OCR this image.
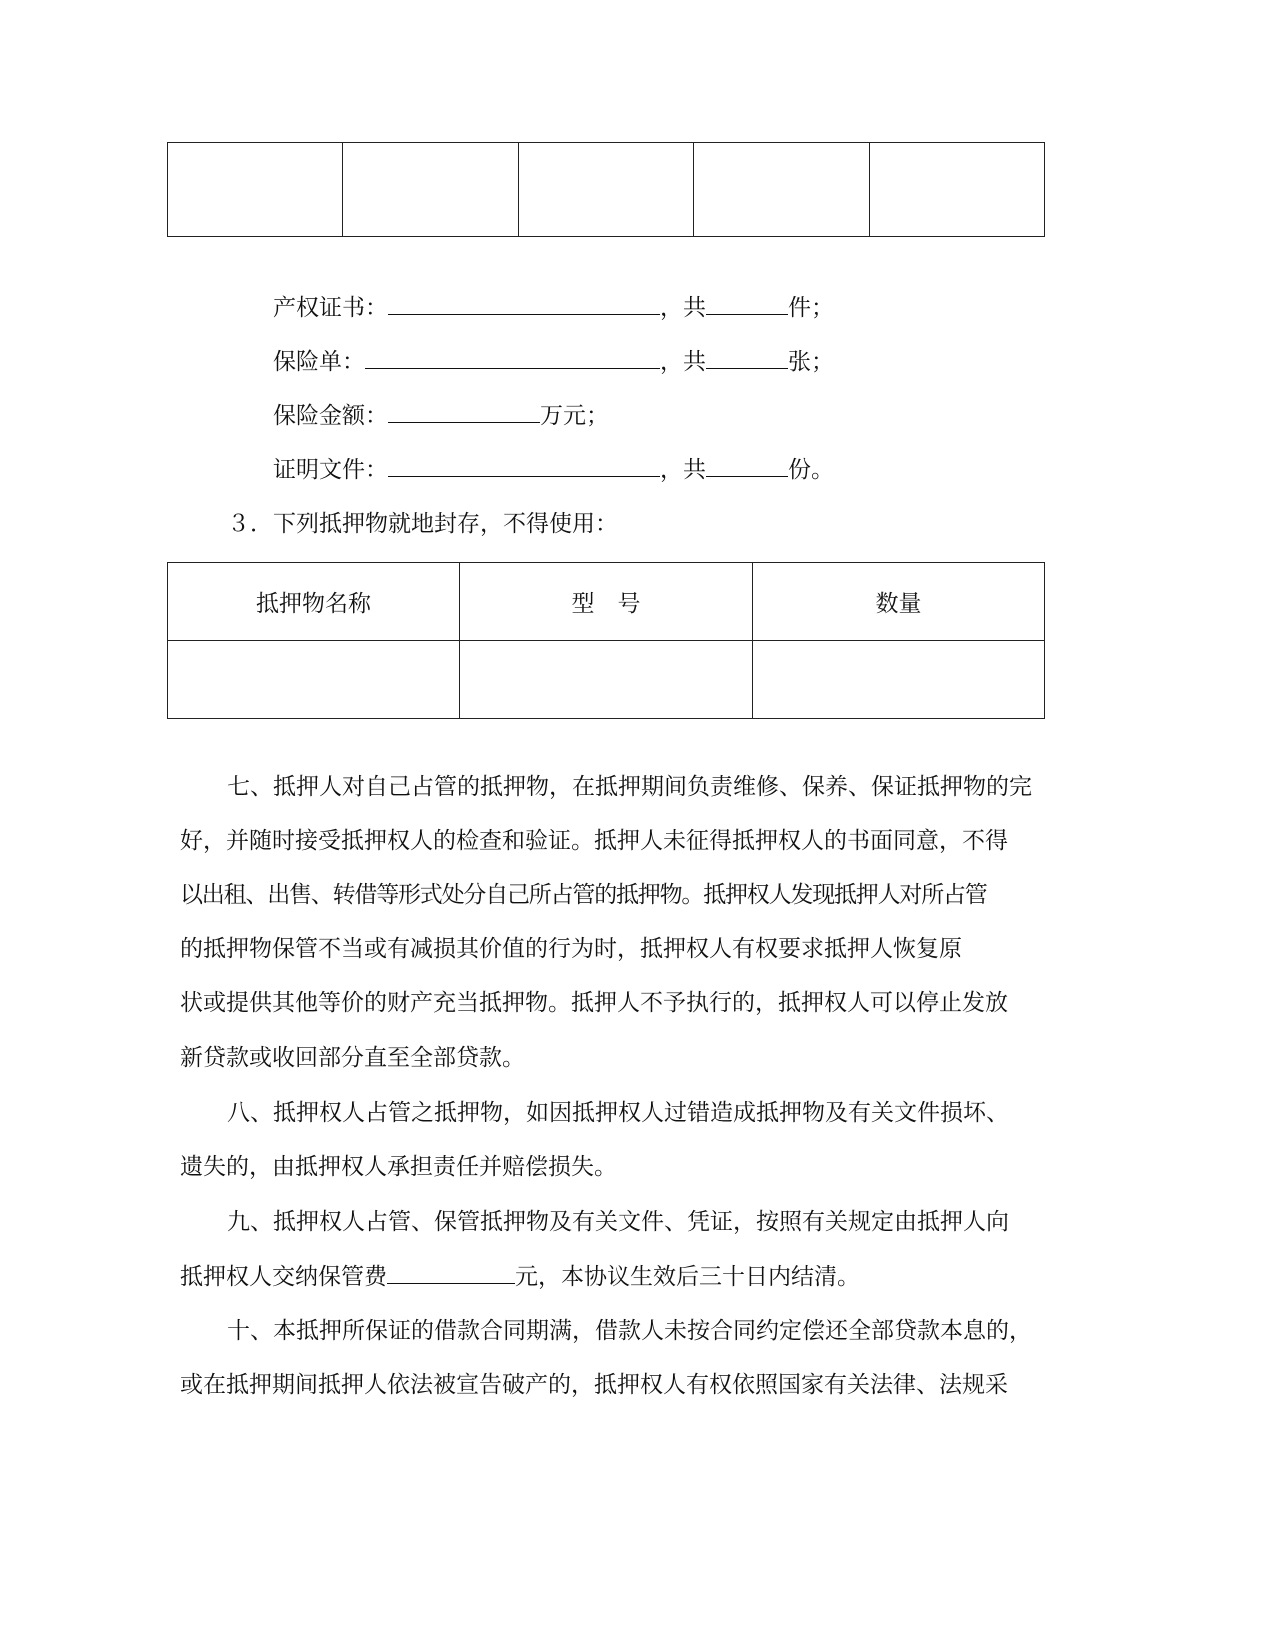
产权证书：	，共	件；
保险单：	，共	张；
保险金额：	万元；
证明文件：	，共	份。
３．下列抵押物就地封存，不得使用：
抵押物名称	型　号	数量

七、抵押人对自己占管的抵押物，在抵押期间负责维修、保养、保证抵押物的完
好，并随时接受抵押权人的检查和验证。抵押人未征得抵押权人的书面同意，不得
以出租、出售、转借等形式处分自己所占管的抵押物。抵押权人发现抵押人对所占管
的抵押物保管不当或有减损其价值的行为时，抵押权人有权要求抵押人恢复原
状或提供其他等价的财产充当抵押物。抵押人不予执行的，抵押权人可以停止发放
新贷款或收回部分直至全部贷款。
八、抵押权人占管之抵押物，如因抵押权人过错造成抵押物及有关文件损坏、
遗失的，由抵押权人承担责任并赔偿损失。
九、抵押权人占管、保管抵押物及有关文件、凭证，按照有关规定由抵押人向
抵押权人交纳保管费	元，本协议生效后三十日内结清。
十、本抵押所保证的借款合同期满，借款人未按合同约定偿还全部贷款本息的，
或在抵押期间抵押人依法被宣告破产的，抵押权人有权依照国家有关法律、法规采
